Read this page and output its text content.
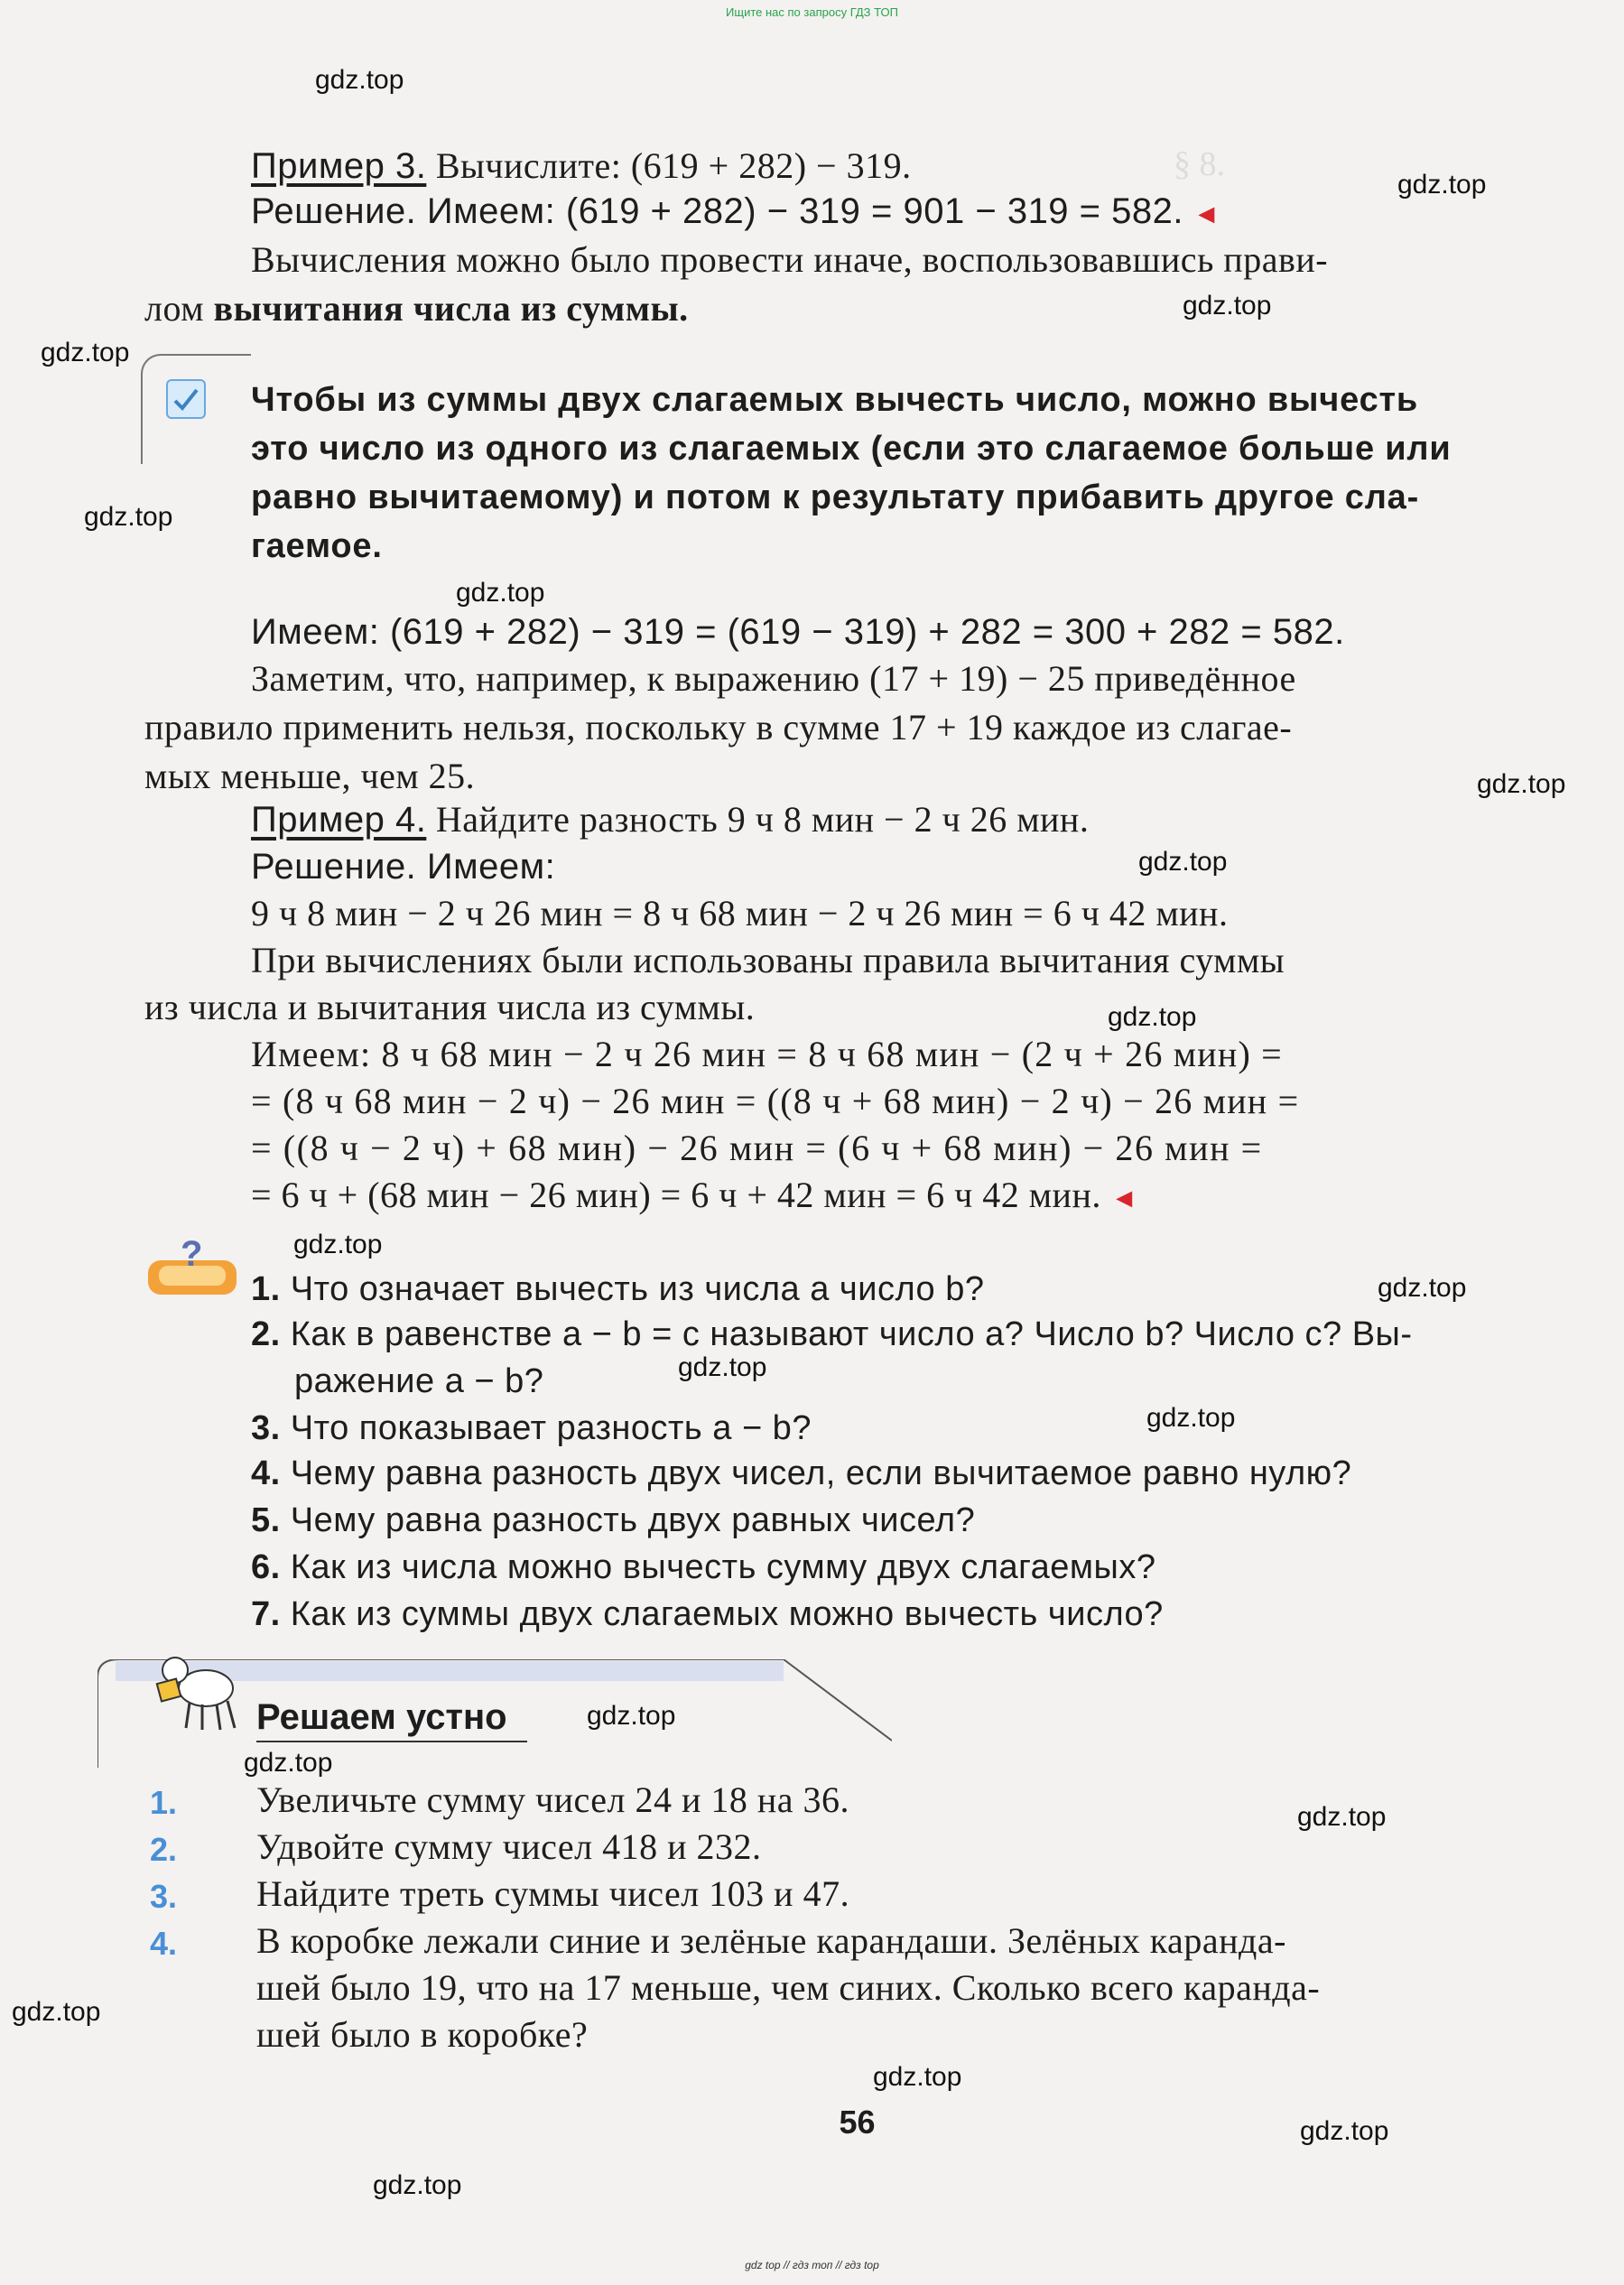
§ 8.
Ищите нас по запросу ГДЗ ТОП
gdz.top
gdz.top
gdz.top
gdz.top
gdz.top
gdz.top
gdz.top
gdz.top
gdz.top
gdz.top
gdz.top
gdz.top
gdz.top
gdz.top
gdz.top
gdz.top
gdz.top
gdz.top
gdz.top
gdz.top
Пример 3. Вычислите: (619 + 282) − 319.
Решение. Имеем: (619 + 282) − 319 = 901 − 319 = 582. ◄
Вычисления можно было провести иначе, воспользовавшись прави-
лом вычитания числа из суммы.
Чтобы из суммы двух слагаемых вычесть число, можно вычесть
это число из одного из слагаемых (если это слагаемое больше или
равно вычитаемому) и потом к результату прибавить другое сла-
гаемое.
Имеем: (619 + 282) − 319 = (619 − 319) + 282 = 300 + 282 = 582.
Заметим, что, например, к выражению (17 + 19) − 25 приведённое
правило применить нельзя, поскольку в сумме 17 + 19 каждое из слагае-
мых меньше, чем 25.
Пример 4. Найдите разность 9 ч 8 мин − 2 ч 26 мин.
Решение. Имеем:
9 ч 8 мин − 2 ч 26 мин = 8 ч 68 мин − 2 ч 26 мин = 6 ч 42 мин.
При вычислениях были использованы правила вычитания суммы
из числа и вычитания числа из суммы.
Имеем: 8 ч 68 мин − 2 ч 26 мин = 8 ч 68 мин − (2 ч + 26 мин) =
= (8 ч 68 мин − 2 ч) − 26 мин = ((8 ч + 68 мин) − 2 ч) − 26 мин =
= ((8 ч − 2 ч) + 68 мин) − 26 мин = (6 ч + 68 мин) − 26 мин =
= 6 ч + (68 мин − 26 мин) = 6 ч + 42 мин = 6 ч 42 мин. ◄
?
1. Что означает вычесть из числа a число b?
2. Как в равенстве a − b = c называют число a? Число b? Число c? Вы-
ражение a − b?
3. Что показывает разность a − b?
4. Чему равна разность двух чисел, если вычитаемое равно нулю?
5. Чему равна разность двух равных чисел?
6. Как из числа можно вычесть сумму двух слагаемых?
7. Как из суммы двух слагаемых можно вычесть число?
Решаем устно
1. Увеличьте сумму чисел 24 и 18 на 36.
2. Удвойте сумму чисел 418 и 232.
3. Найдите треть суммы чисел 103 и 47.
4. В коробке лежали синие и зелёные карандаши. Зелёных каранда-
шей было 19, что на 17 меньше, чем синих. Сколько всего каранда-
шей было в коробке?
56
gdz top // гдз топ // гдз top
